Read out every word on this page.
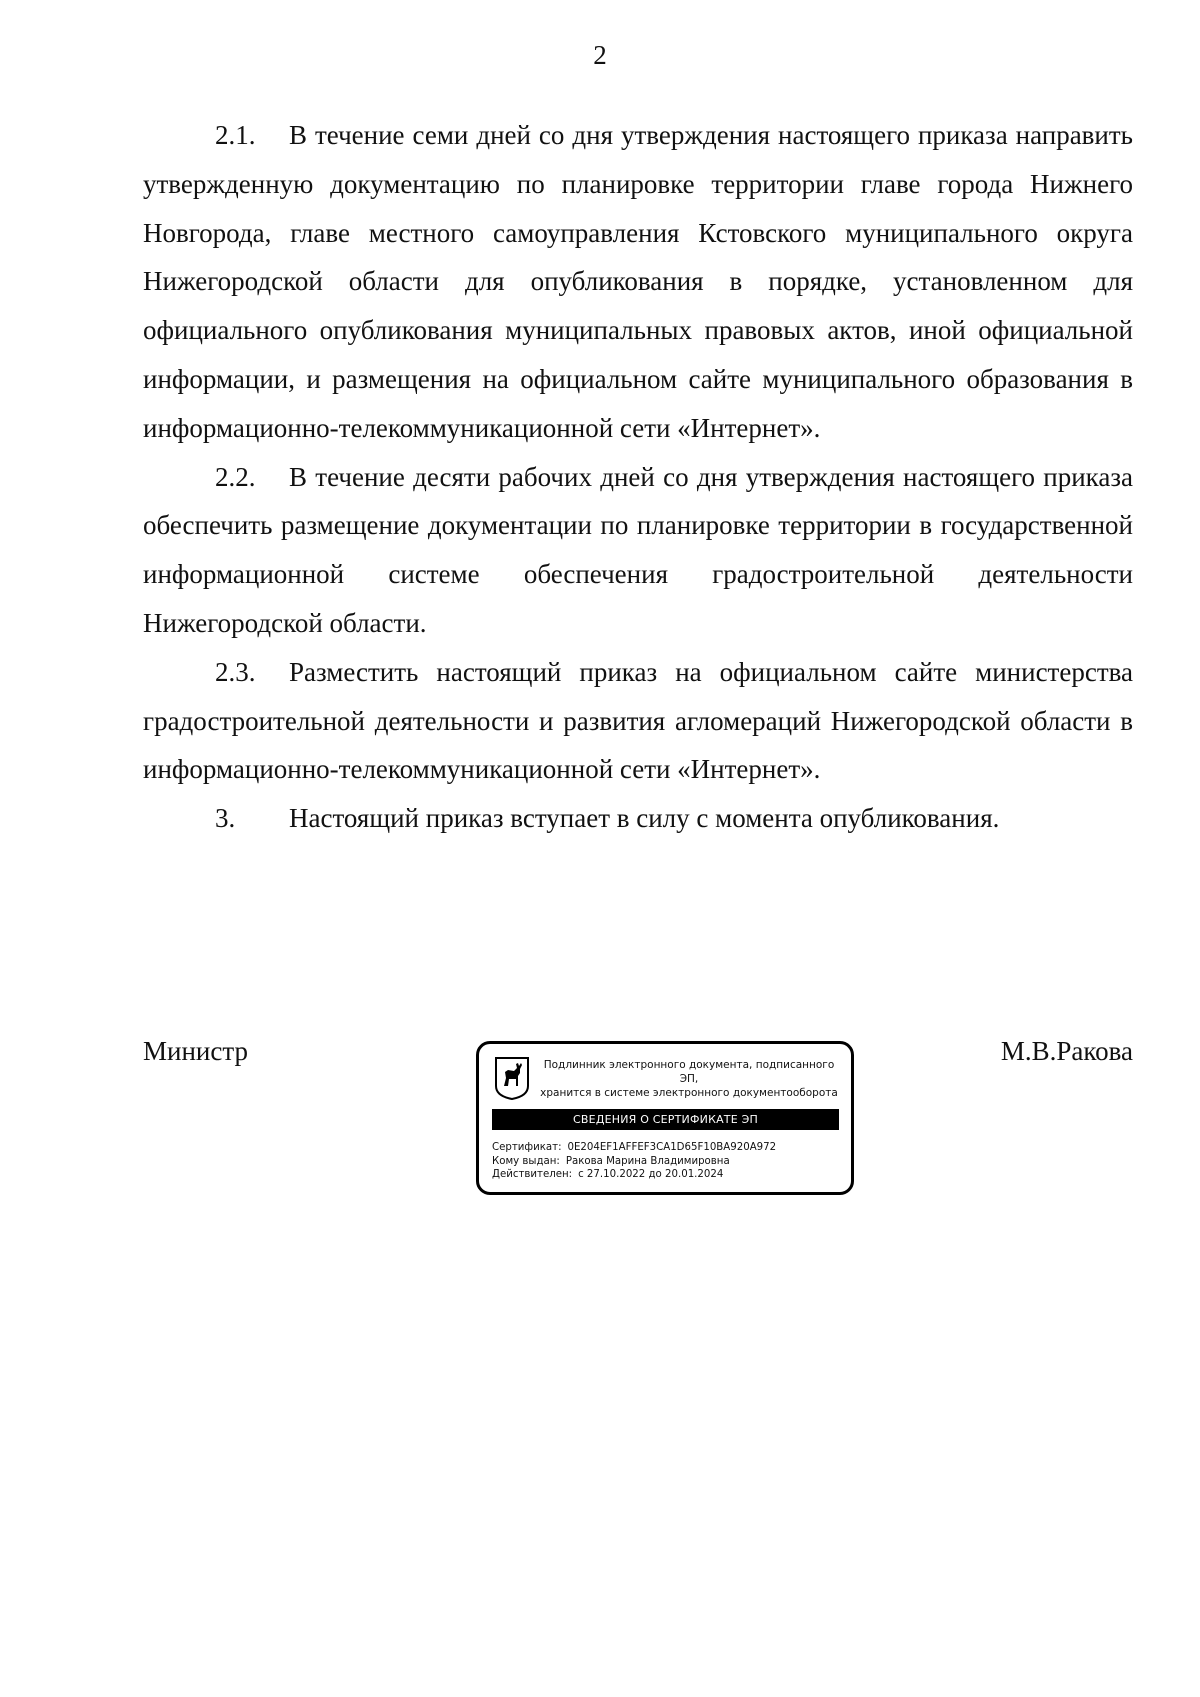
2

2.1. В течение семи дней со дня утверждения настоящего приказа направить утвержденную документацию по планировке территории главе города Нижнего Новгорода, главе местного самоуправления Кстовского муниципального округа Нижегородской области для опубликования в порядке, установленном для официального опубликования муниципальных правовых актов, иной официальной информации, и размещения на официальном сайте муниципального образования в информационно-телекоммуникационной сети «Интернет».

2.2. В течение десяти рабочих дней со дня утверждения настоящего приказа обеспечить размещение документации по планировке территории в государственной информационной системе обеспечения градостроительной деятельности Нижегородской области.

2.3. Разместить настоящий приказ на официальном сайте министерства градостроительной деятельности и развития агломераций Нижегородской области в информационно-телекоммуникационной сети «Интернет».

3. Настоящий приказ вступает в силу с момента опубликования.

Министр	М.В.Ракова
Подлинник электронного документа, подписанного ЭП,
хранится в системе электронного документооборота
СВЕДЕНИЯ О СЕРТИФИКАТЕ ЭП
Сертификат: 0E204EF1AFFEF3CA1D65F10BA920A972
Кому выдан: Ракова Марина Владимировна
Действителен: с 27.10.2022 до 20.01.2024
